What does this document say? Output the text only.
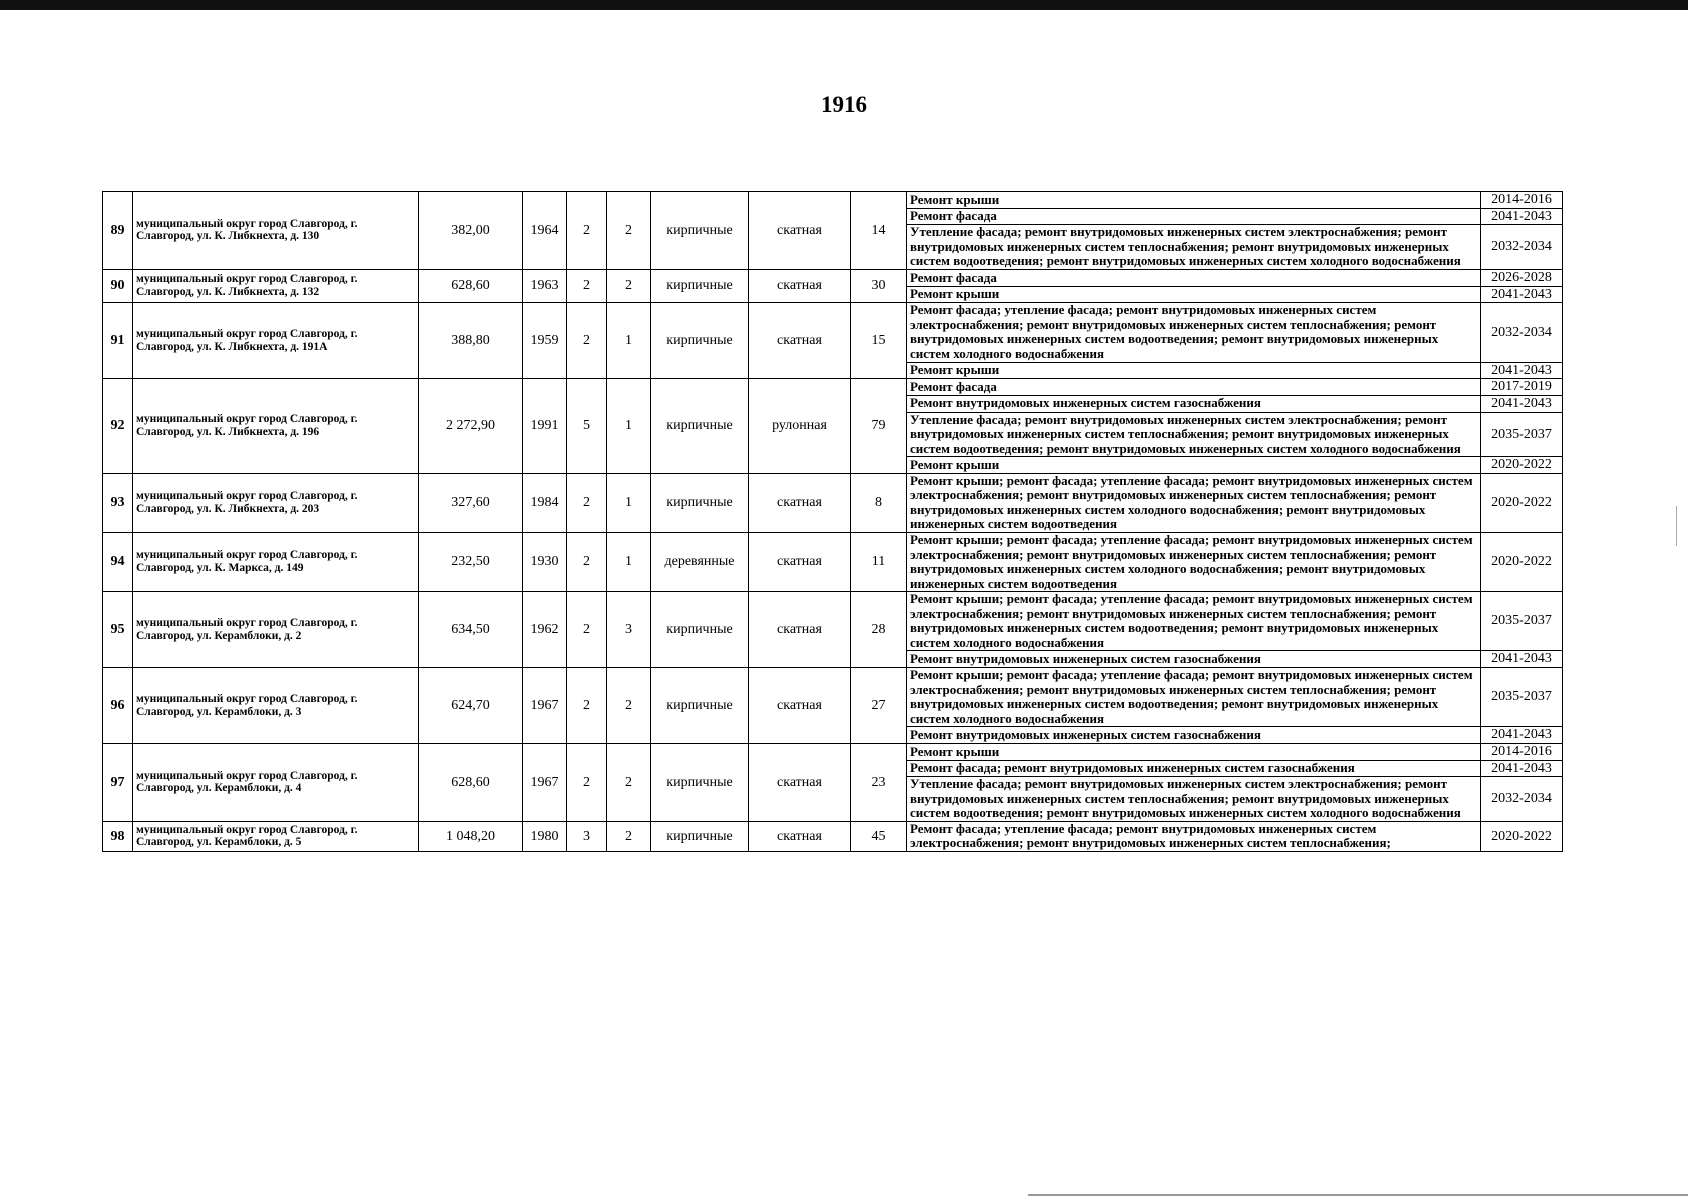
1916
89	муниципальный округ город Славгород, г. Славгород, ул. К. Либкнехта, д. 130	382,00	1964	2	2	кирпичные	скатная	14	Ремонт крыши	2014-2016
									Ремонт фасада	2041-2043
									Утепление фасада; ремонт внутридомовых инженерных систем электроснабжения; ремонт внутридомовых инженерных систем теплоснабжения; ремонт внутридомовых инженерных систем водоотведения; ремонт внутридомовых инженерных систем холодного водоснабжения	2032-2034
90	муниципальный округ город Славгород, г. Славгород, ул. К. Либкнехта, д. 132	628,60	1963	2	2	кирпичные	скатная	30	Ремонт фасада	2026-2028
									Ремонт крыши	2041-2043
91	муниципальный округ город Славгород, г. Славгород, ул. К. Либкнехта, д. 191А	388,80	1959	2	1	кирпичные	скатная	15	Ремонт фасада; утепление фасада; ремонт внутридомовых инженерных систем электроснабжения; ремонт внутридомовых инженерных систем теплоснабжения; ремонт внутридомовых инженерных систем водоотведения; ремонт внутридомовых инженерных систем холодного водоснабжения	2032-2034
									Ремонт крыши	2041-2043
92	муниципальный округ город Славгород, г. Славгород, ул. К. Либкнехта, д. 196	2 272,90	1991	5	1	кирпичные	рулонная	79	Ремонт фасада	2017-2019
									Ремонт внутридомовых инженерных систем газоснабжения	2041-2043
									Утепление фасада; ремонт внутридомовых инженерных систем электроснабжения; ремонт внутридомовых инженерных систем теплоснабжения; ремонт внутридомовых инженерных систем водоотведения; ремонт внутридомовых инженерных систем холодного водоснабжения	2035-2037
									Ремонт крыши	2020-2022
93	муниципальный округ город Славгород, г. Славгород, ул. К. Либкнехта, д. 203	327,60	1984	2	1	кирпичные	скатная	8	Ремонт крыши; ремонт фасада; утепление фасада; ремонт внутридомовых инженерных систем электроснабжения; ремонт внутридомовых инженерных систем теплоснабжения; ремонт внутридомовых инженерных систем холодного водоснабжения; ремонт внутридомовых инженерных систем водоотведения	2020-2022
94	муниципальный округ город Славгород, г. Славгород, ул. К. Маркса, д. 149	232,50	1930	2	1	деревянные	скатная	11	Ремонт крыши; ремонт фасада; утепление фасада; ремонт внутридомовых инженерных систем электроснабжения; ремонт внутридомовых инженерных систем теплоснабжения; ремонт внутридомовых инженерных систем холодного водоснабжения; ремонт внутридомовых инженерных систем водоотведения	2020-2022
95	муниципальный округ город Славгород, г. Славгород, ул. Керамблоки, д. 2	634,50	1962	2	3	кирпичные	скатная	28	Ремонт крыши; ремонт фасада; утепление фасада; ремонт внутридомовых инженерных систем электроснабжения; ремонт внутридомовых инженерных систем теплоснабжения; ремонт внутридомовых инженерных систем водоотведения; ремонт внутридомовых инженерных систем холодного водоснабжения	2035-2037
									Ремонт внутридомовых инженерных систем газоснабжения	2041-2043
96	муниципальный округ город Славгород, г. Славгород, ул. Керамблоки, д. 3	624,70	1967	2	2	кирпичные	скатная	27	Ремонт крыши; ремонт фасада; утепление фасада; ремонт внутридомовых инженерных систем электроснабжения; ремонт внутридомовых инженерных систем теплоснабжения; ремонт внутридомовых инженерных систем водоотведения; ремонт внутридомовых инженерных систем холодного водоснабжения	2035-2037
									Ремонт внутридомовых инженерных систем газоснабжения	2041-2043
97	муниципальный округ город Славгород, г. Славгород, ул. Керамблоки, д. 4	628,60	1967	2	2	кирпичные	скатная	23	Ремонт крыши	2014-2016
									Ремонт фасада; ремонт внутридомовых инженерных систем газоснабжения	2041-2043
									Утепление фасада; ремонт внутридомовых инженерных систем электроснабжения; ремонт внутридомовых инженерных систем теплоснабжения; ремонт внутридомовых инженерных систем водоотведения; ремонт внутридомовых инженерных систем холодного водоснабжения	2032-2034
98	муниципальный округ город Славгород, г. Славгород, ул. Керамблоки, д. 5	1 048,20	1980	3	2	кирпичные	скатная	45	Ремонт фасада; утепление фасада; ремонт внутридомовых инженерных систем электроснабжения; ремонт внутридомовых инженерных систем теплоснабжения;	2020-2022
